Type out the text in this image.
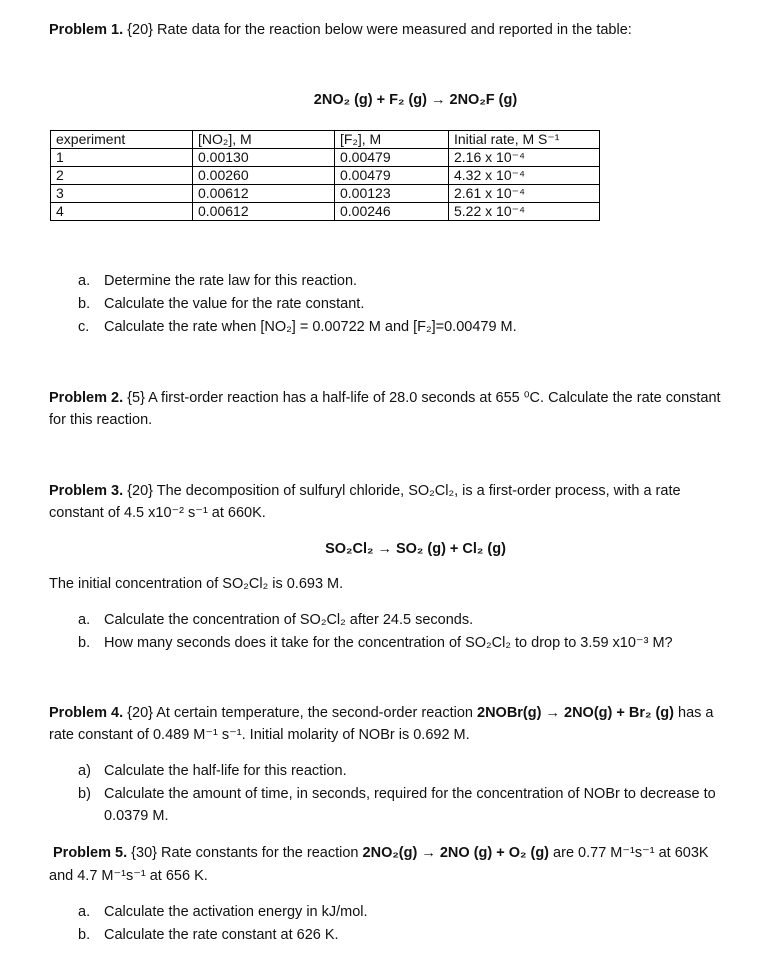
Problem 1. {20} Rate data for the reaction below were measured and reported in the table:
2NO₂ (g) + F₂ (g) → 2NO₂F (g)
experiment	[NO₂], M	[F₂], M	Initial rate, M S⁻¹
1	0.00130	0.00479	2.16 x 10⁻⁴
2	0.00260	0.00479	4.32 x 10⁻⁴
3	0.00612	0.00123	2.61 x 10⁻⁴
4	0.00612	0.00246	5.22 x 10⁻⁴
a. Determine the rate law for this reaction.
b. Calculate the value for the rate constant.
c. Calculate the rate when [NO₂] = 0.00722 M and [F₂]=0.00479 M.
Problem 2. {5} A first-order reaction has a half-life of 28.0 seconds at 655 ⁰C. Calculate the rate constant
for this reaction.
Problem 3. {20} The decomposition of sulfuryl chloride, SO₂Cl₂, is a first-order process, with a rate
constant of 4.5 x10⁻² s⁻¹ at 660K.
SO₂Cl₂ → SO₂ (g) + Cl₂ (g)
The initial concentration of SO₂Cl₂ is 0.693 M.
a. Calculate the concentration of SO₂Cl₂ after 24.5 seconds.
b. How many seconds does it take for the concentration of SO₂Cl₂ to drop to 3.59 x10⁻³ M?
Problem 4. {20} At certain temperature, the second-order reaction 2NOBr(g) → 2NO(g) + Br₂ (g) has a
rate constant of 0.489 M⁻¹ s⁻¹. Initial molarity of NOBr is 0.692 M.
a) Calculate the half-life for this reaction.
b) Calculate the amount of time, in seconds, required for the concentration of NOBr to decrease to
0.0379 M.
Problem 5. {30} Rate constants for the reaction 2NO₂(g) → 2NO (g) + O₂ (g) are 0.77 M⁻¹s⁻¹ at 603K
and 4.7 M⁻¹s⁻¹ at 656 K.
a. Calculate the activation energy in kJ/mol.
b. Calculate the rate constant at 626 K.
